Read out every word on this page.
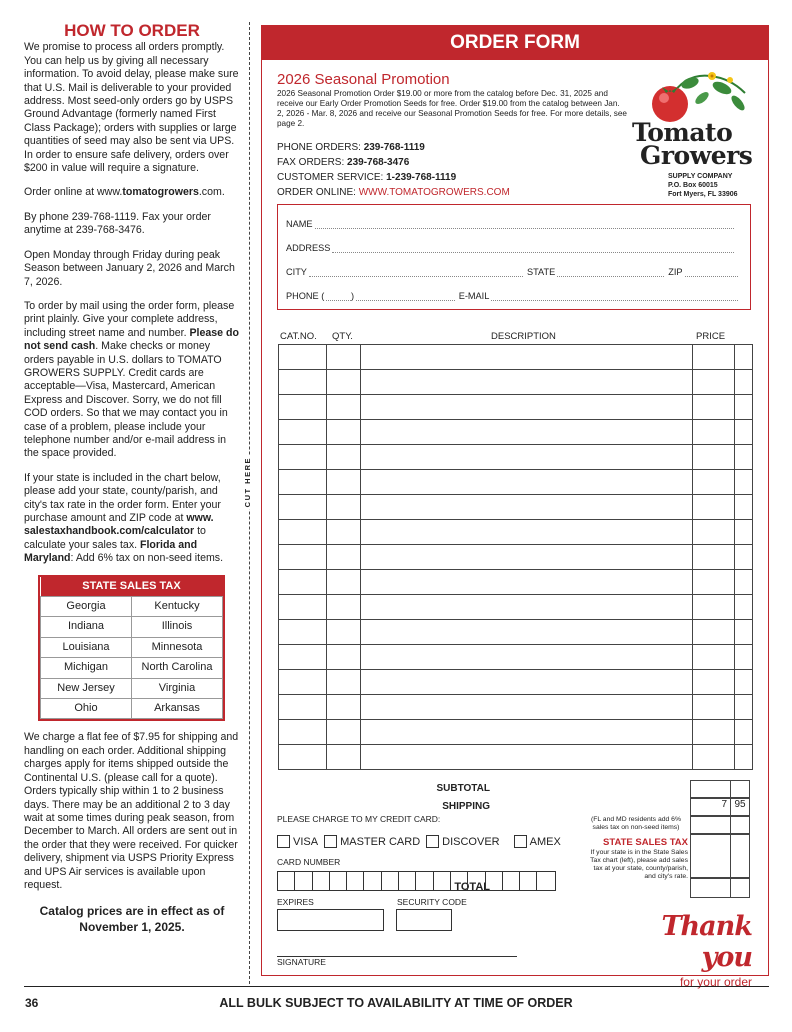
HOW TO ORDER

We promise to process all orders promptly. You can help us by giving all necessary information. To avoid delay, please make sure that U.S. Mail is deliverable to your provided address. Most seed-only orders go by USPS Ground Advantage (formerly named First Class Package); orders with supplies or large quantities of seed may also be sent via UPS. In order to ensure safe delivery, orders over $200 in value will require a signature.

Order online at www.tomatogrowers.com.

By phone 239-768-1119. Fax your order anytime at 239-768-3476.

Open Monday through Friday during peak Season between January 2, 2026 and March 7, 2026.

To order by mail using the order form, please print plainly. Give your complete address, including street name and number. Please do not send cash. Make checks or money orders payable in U.S. dollars to TOMATO GROWERS SUPPLY. Credit cards are acceptable—Visa, Mastercard, American Express and Discover. Sorry, we do not fill COD orders. So that we may contact you in case of a problem, please include your telephone number and/or e-mail address in the space provided.

If your state is included in the chart below, please add your state, county/parish, and city's tax rate in the order form. Enter your purchase amount and ZIP code at www. salestaxhandbook.com/calculator to calculate your sales tax. Florida and Maryland: Add 6% tax on non-seed items.

STATE SALES TAX	
Georgia	Kentucky
Indiana	Illinois
Louisiana	Minnesota
Michigan	North Carolina
New Jersey	Virginia
Ohio	Arkansas

We charge a flat fee of $7.95 for shipping and handling on each order. Additional shipping charges apply for items shipped outside the Continental U.S. (please call for a quote). Orders typically ship within 1 to 2 business days. There may be an additional 2 to 3 day wait at some times during peak season, from December to March. All orders are sent out in the order that they were received. For quicker delivery, shipment via USPS Priority Express and UPS Air services is available upon request.

Catalog prices are in effect as of
November 1, 2025.
CUT HERE
ORDER FORM
2026 Seasonal Promotion
2026 Seasonal Promotion Order $19.00 or more from the catalog before Dec. 31, 2025 and receive our Early Order Promotion Seeds for free. Order $19.00 from the catalog between Jan. 2, 2026 - Mar. 8, 2026 and receive our Seasonal Promotion Seeds for free. For more details, see page 2.
PHONE ORDERS: 239-768-1119
FAX ORDERS: 239-768-3476
CUSTOMER SERVICE: 1-239-768-1119
ORDER ONLINE: WWW.TOMATOGROWERS.COM
Tomato
Growers
SUPPLY COMPANY
P.O. Box 60015
Fort Myers, FL 33906
NAME
ADDRESS
CITY	STATE	ZIP
PHONE (	)	E-MAIL
CAT.NO. QTY.	DESCRIPTION	PRICE

SUBTOTAL
SHIPPING	7 95
TOTAL
(FL and MD residents add 6% sales tax on non-seed items)
STATE SALES TAX
If your state is in the State Sales Tax chart (left), please add sales tax at your state, county/parish, and city's rate.
PLEASE CHARGE TO MY CREDIT CARD:
VISA MASTER CARD DISCOVER	AMEX
CARD NUMBER
EXPIRES	SECURITY CODE
SIGNATURE
Thank you
for your order
ALL BULK SUBJECT TO AVAILABILITY AT TIME OF ORDER
36
